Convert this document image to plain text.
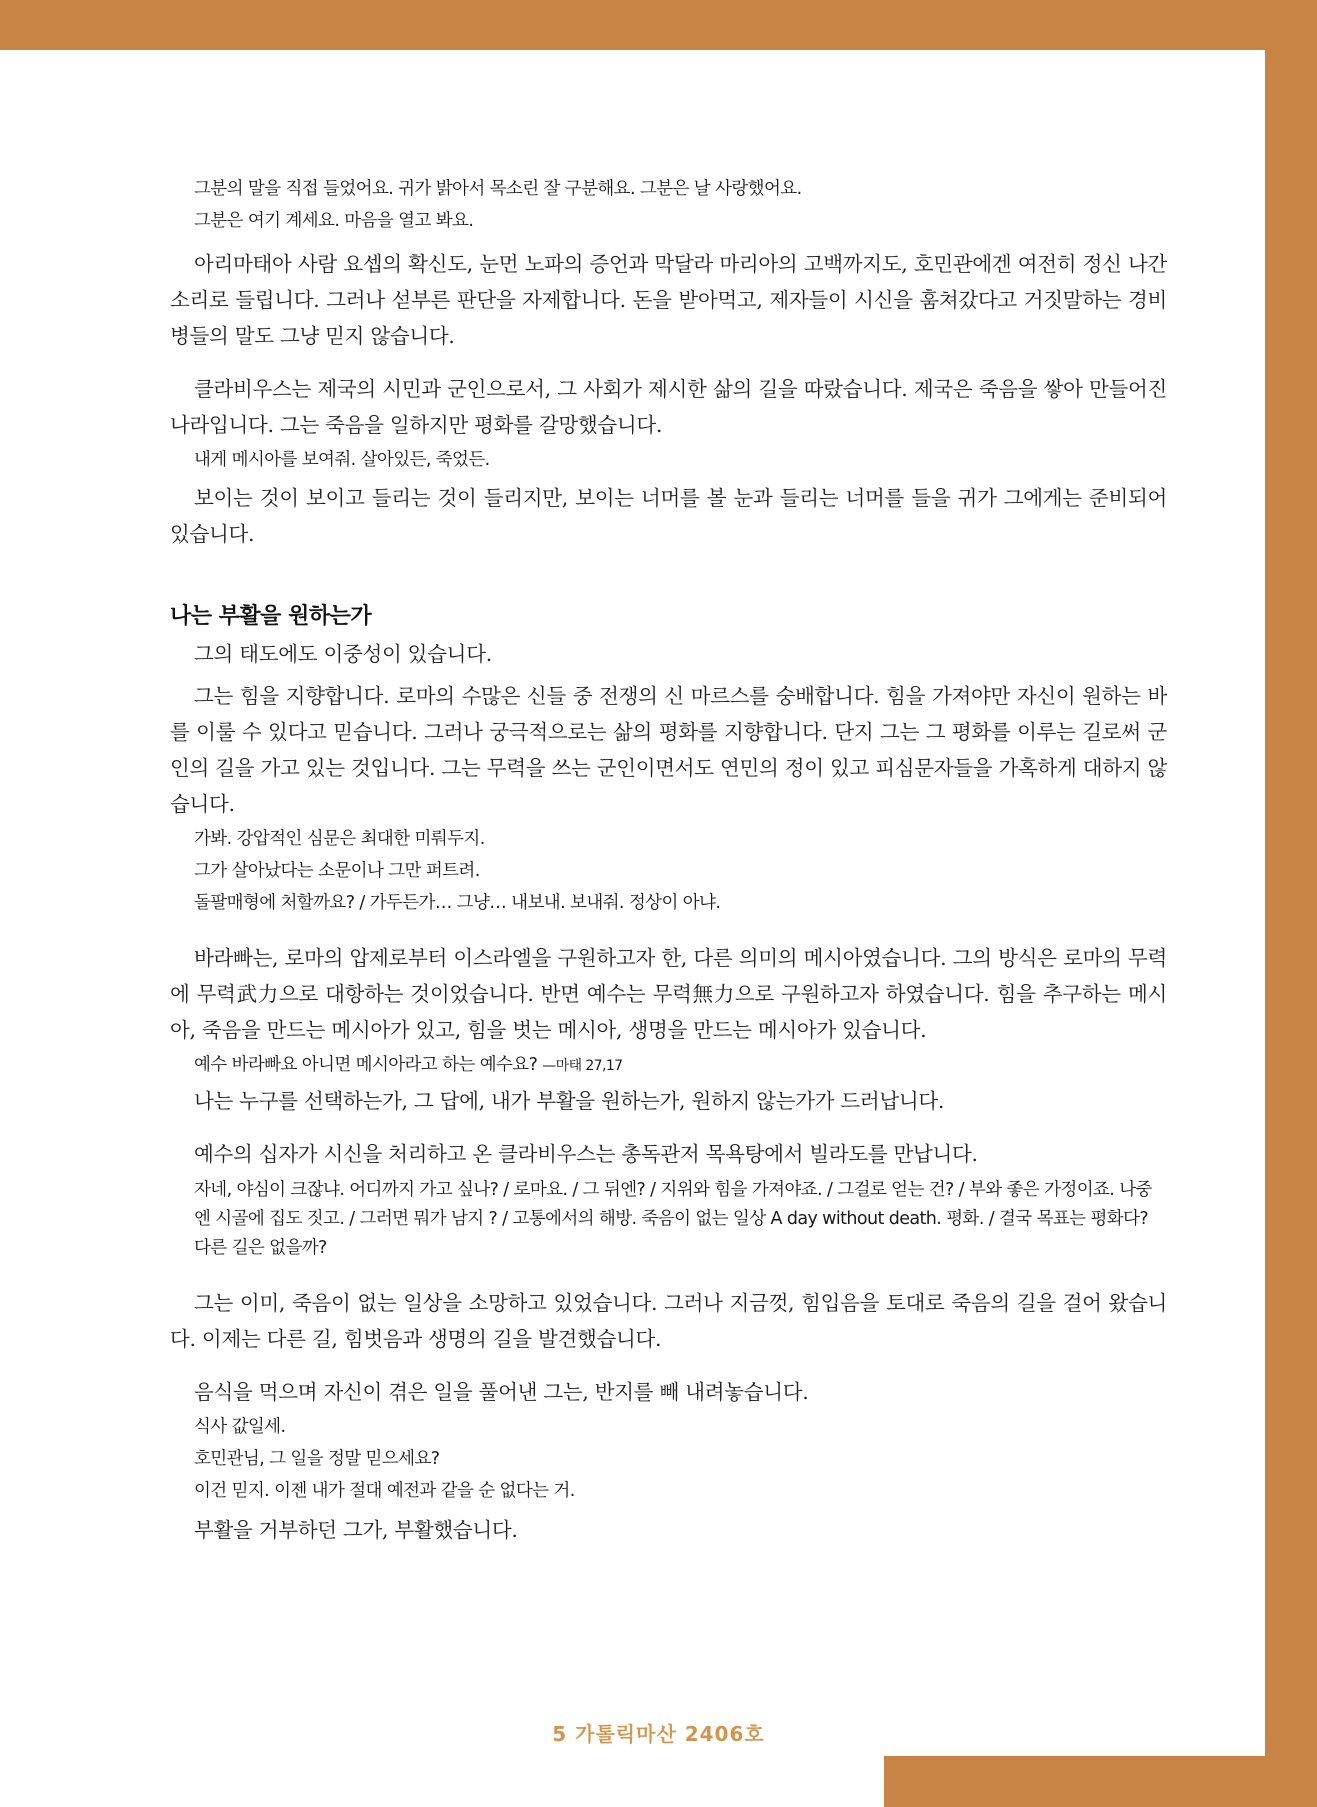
그분의 말을 직접 들었어요. 귀가 밝아서 목소린 잘 구분해요. 그분은 날 사랑했어요.

그분은 여기 계세요. 마음을 열고 봐요.

아리마태아 사람 요셉의 확신도, 눈먼 노파의 증언과 막달라 마리아의 고백까지도, 호민관에겐 여전히 정신 나간 소리로 들립니다. 그러나 섣부른 판단을 자제합니다. 돈을 받아먹고, 제자들이 시신을 훔쳐갔다고 거짓말하는 경비병들의 말도 그냥 믿지 않습니다.

클라비우스는 제국의 시민과 군인으로서, 그 사회가 제시한 삶의 길을 따랐습니다. 제국은 죽음을 쌓아 만들어진 나라입니다. 그는 죽음을 일하지만 평화를 갈망했습니다.

내게 메시아를 보여줘. 살아있든, 죽었든.

보이는 것이 보이고 들리는 것이 들리지만, 보이는 너머를 볼 눈과 들리는 너머를 들을 귀가 그에게는 준비되어 있습니다.

나는 부활을 원하는가

그의 태도에도 이중성이 있습니다.

그는 힘을 지향합니다. 로마의 수많은 신들 중 전쟁의 신 마르스를 숭배합니다. 힘을 가져야만 자신이 원하는 바를 이룰 수 있다고 믿습니다. 그러나 궁극적으로는 삶의 평화를 지향합니다. 단지 그는 그 평화를 이루는 길로써 군인의 길을 가고 있는 것입니다. 그는 무력을 쓰는 군인이면서도 연민의 정이 있고 피심문자들을 가혹하게 대하지 않습니다.

가봐. 강압적인 심문은 최대한 미뤄두지.

그가 살아났다는 소문이나 그만 퍼트려.

돌팔매형에 처할까요? / 가두든가… 그냥… 내보내. 보내줘. 정상이 아냐.

바라빠는, 로마의 압제로부터 이스라엘을 구원하고자 한, 다른 의미의 메시아였습니다. 그의 방식은 로마의 무력에 무력武力으로 대항하는 것이었습니다. 반면 예수는 무력無力으로 구원하고자 하였습니다. 힘을 추구하는 메시아, 죽음을 만드는 메시아가 있고, 힘을 벗는 메시아, 생명을 만드는 메시아가 있습니다.

예수 바라빠요 아니면 메시아라고 하는 예수요? —마태 27,17

나는 누구를 선택하는가, 그 답에, 내가 부활을 원하는가, 원하지 않는가가 드러납니다.

예수의 십자가 시신을 처리하고 온 클라비우스는 총독관저 목욕탕에서 빌라도를 만납니다.

자네, 야심이 크잖냐. 어디까지 가고 싶나? / 로마요. / 그 뒤엔? / 지위와 힘을 가져야죠. / 그걸로 얻는 건? / 부와 좋은 가정이죠. 나중엔 시골에 집도 짓고. / 그러면 뭐가 남지 ? / 고통에서의 해방. 죽음이 없는 일상 A day without death. 평화. / 결국 목표는 평화다? 다른 길은 없을까?

그는 이미, 죽음이 없는 일상을 소망하고 있었습니다. 그러나 지금껏, 힘입음을 토대로 죽음의 길을 걸어 왔습니다. 이제는 다른 길, 힘벗음과 생명의 길을 발견했습니다.

음식을 먹으며 자신이 겪은 일을 풀어낸 그는, 반지를 빼 내려놓습니다.

식사 값일세.

호민관님, 그 일을 정말 믿으세요?

이건 믿지. 이젠 내가 절대 예전과 같을 순 없다는 거.

부활을 거부하던 그가, 부활했습니다.

5 가톨릭마산 2406호
